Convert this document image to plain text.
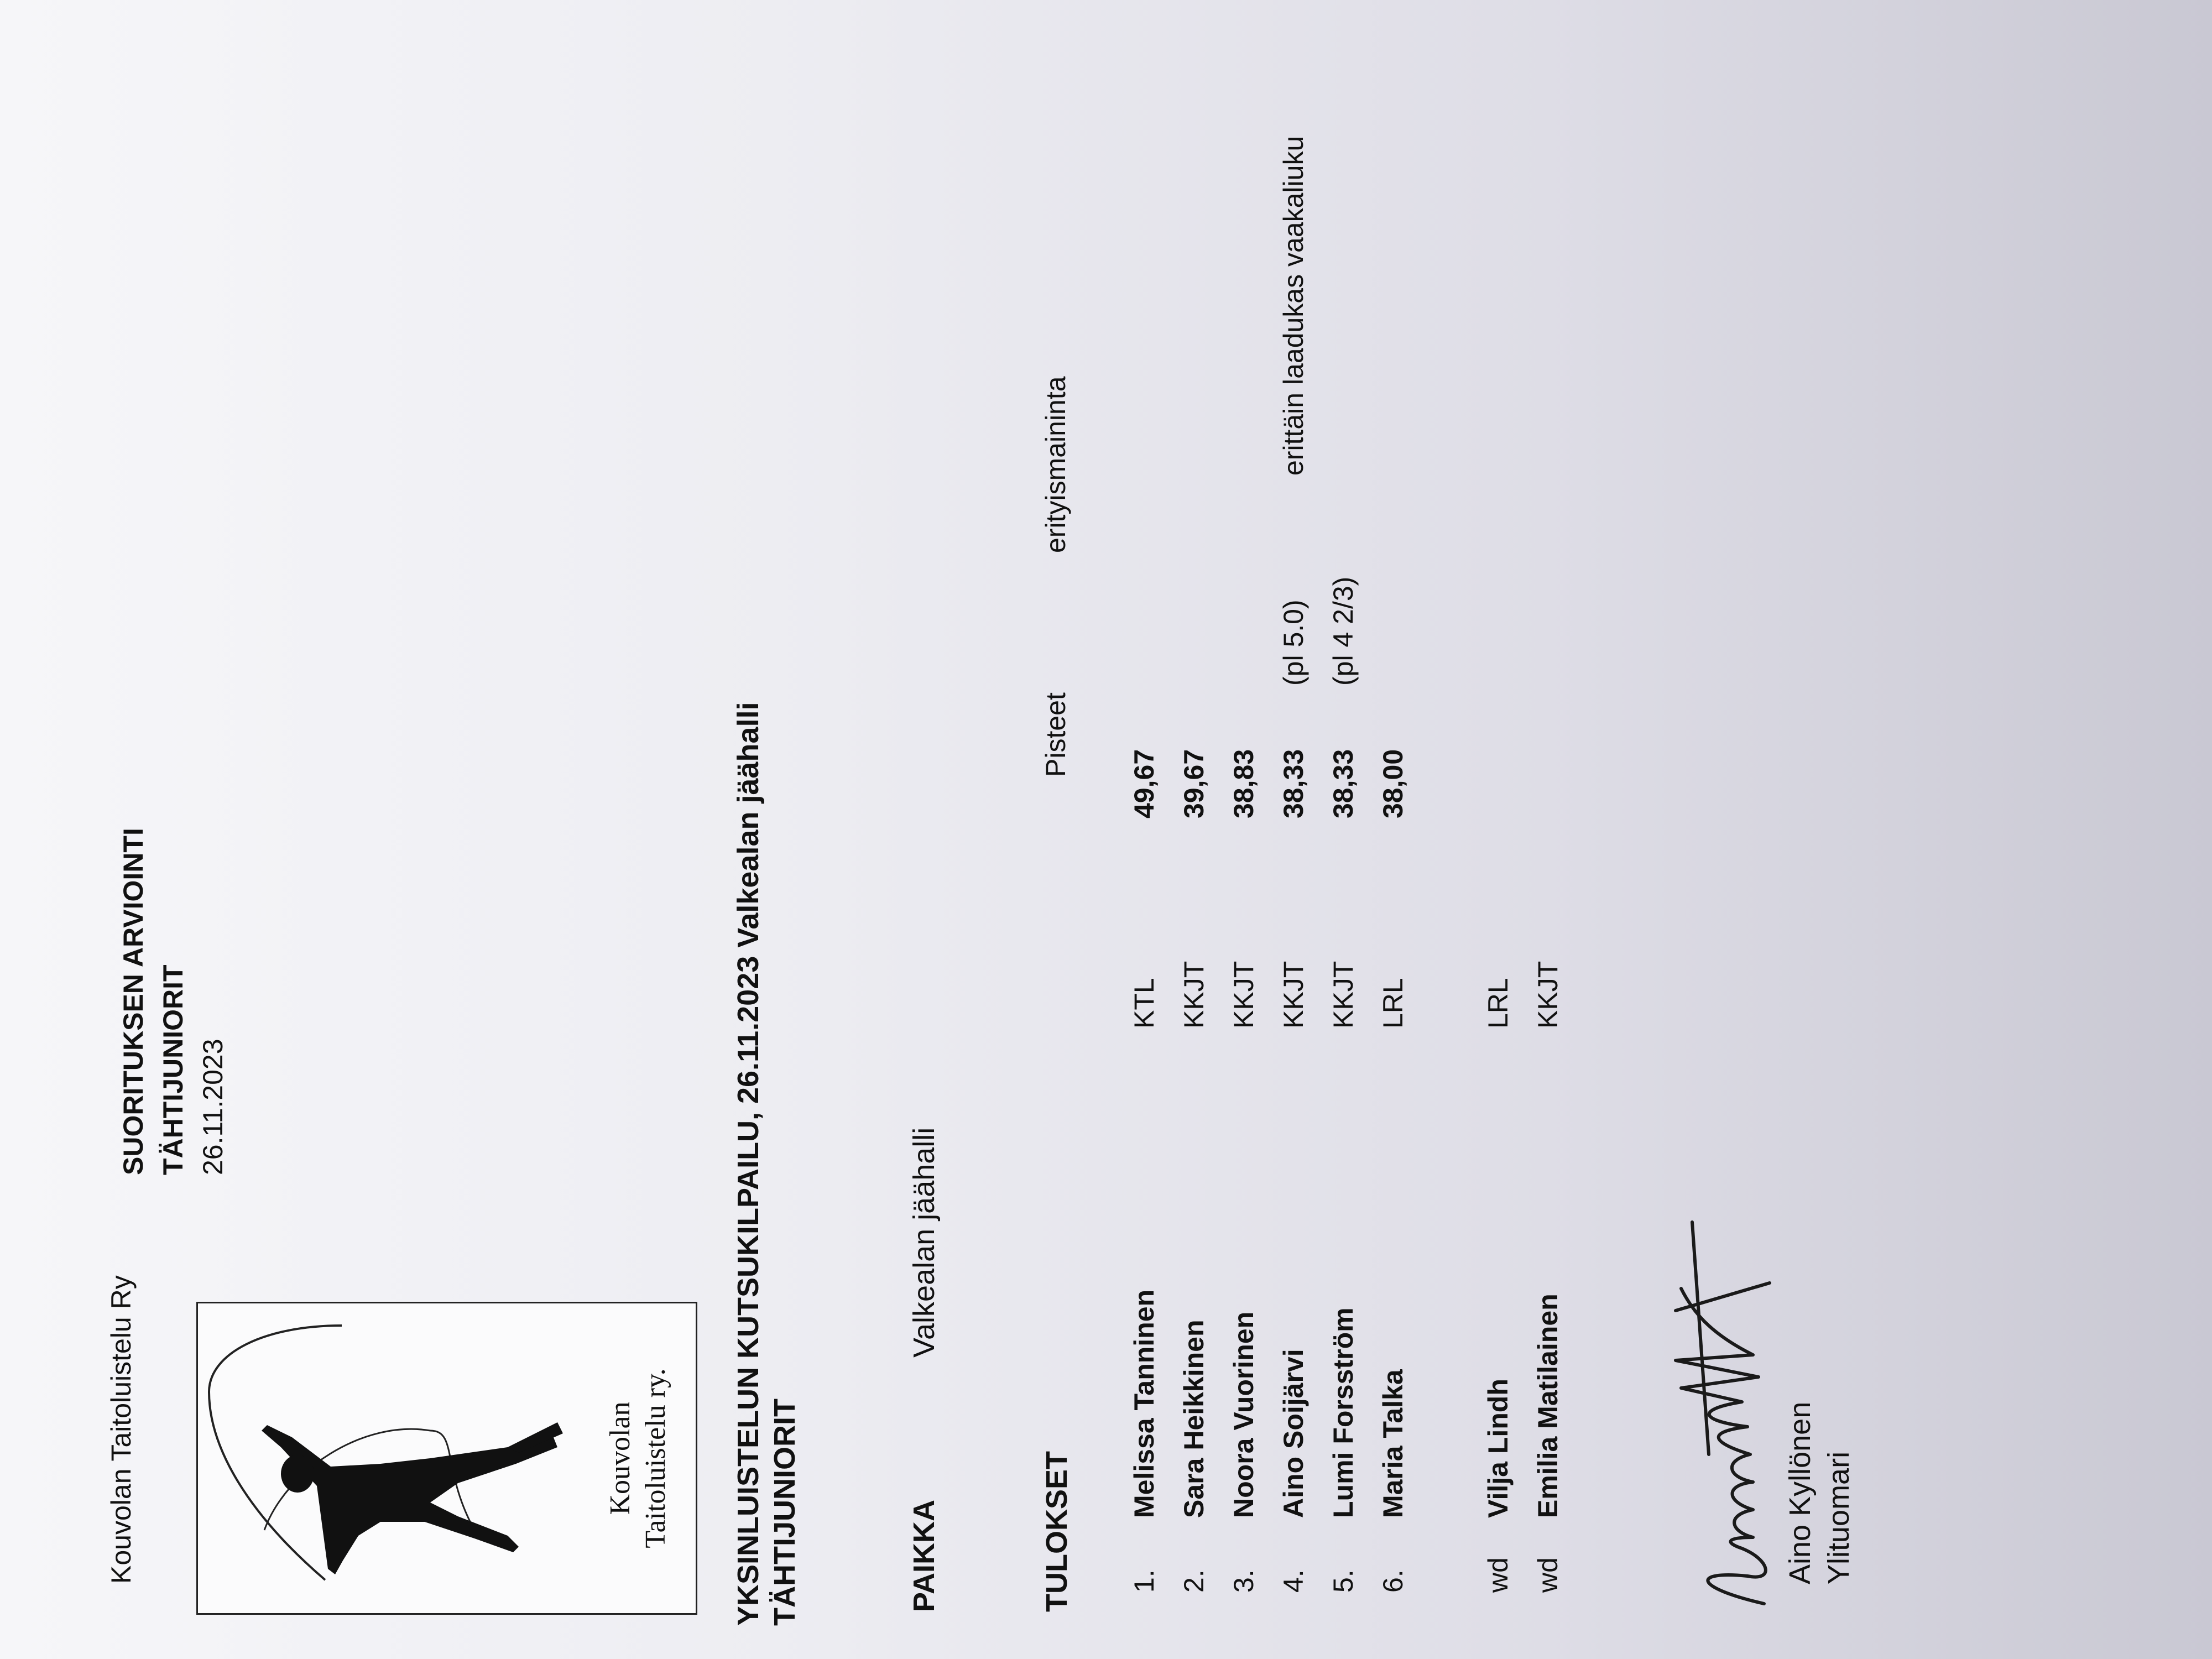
Kouvolan Taitoluistelu Ry
SUORITUKSEN ARVIOINTI TÄHTIJUNIORIT 26.11.2023
Kouvolan Taitoluistelu ry. YKSINLUISTELUN KUTSUKILPAILU, 26.11.2023 Valkealan jäähalli TÄHTIJUNIORIT	PAIKKA
Valkealan jäähalli
TULOKSET
Pisteet
erityismaininta
1.
Melissa Tanninen
KTL
49,67
2.
Sara Heikkinen
KKJT
39,67
3.
Noora Vuorinen
KKJT
38,83
4.
Aino Soijärvi
KKJT
38,33
(pl 5.0)
erittäin laadukas vaakaliuku
5.
Lumi Forsström
KKJT
38,33
(pl 4 2/3)
6.
Maria Talka
LRL
38,00
wd
Vilja Lindh
LRL
wd
Emilia Matilainen
KKJT
Aino Kyllönen Ylituomari
